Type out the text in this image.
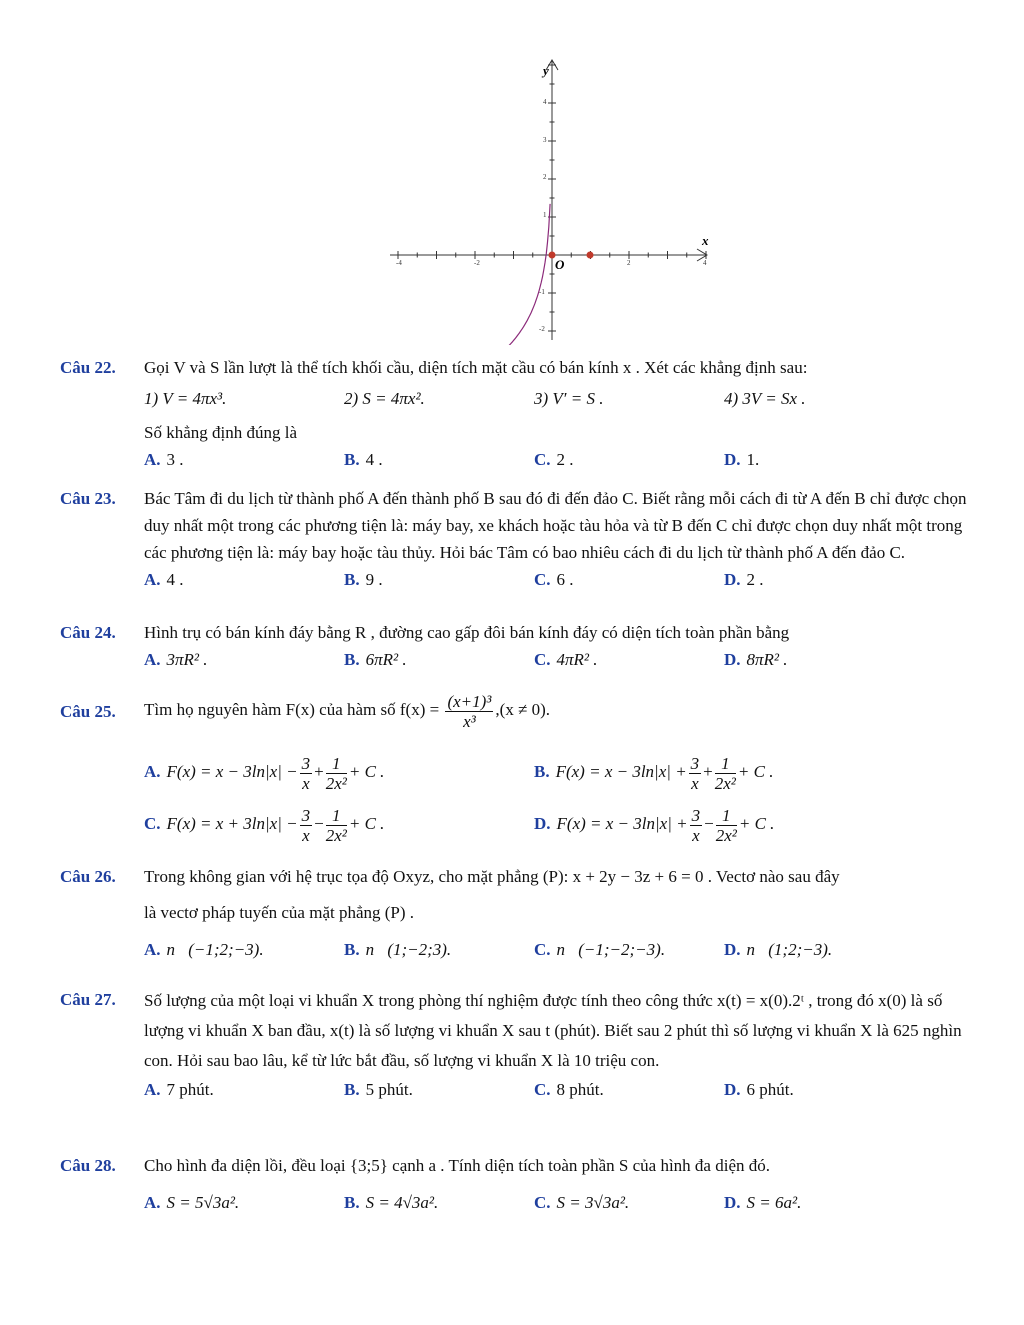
4
3
2
1
-1
-2
-4	-2	2	4
y
x
O
Câu 22. Gọi V và S lần lượt là thể tích khối cầu, diện tích mặt cầu có bán kính x . Xét các khẳng định sau:
1) V = 4πx³.	2) S = 4πx².	3) V′ = S .	4) 3V = Sx .
Số khẳng định đúng là
A. 3 .	B. 4 .	C. 2 .	D. 1.
Câu 23. Bác Tâm đi du lịch từ thành phố A đến thành phố B sau đó đi đến đảo C. Biết rằng mỗi cách đi từ A đến B chỉ được chọn duy nhất một trong các phương tiện là: máy bay, xe khách hoặc tàu hỏa và từ B đến C chỉ được chọn duy nhất một trong các phương tiện là: máy bay hoặc tàu thủy. Hỏi bác Tâm có bao nhiêu cách đi du lịch từ thành phố A đến đảo C.
A. 4 .	B. 9 .	C. 6 .	D. 2 .
Câu 24. Hình trụ có bán kính đáy bằng R , đường cao gấp đôi bán kính đáy có diện tích toàn phần bằng
A. 3πR² .	B. 6πR² .	C. 4πR² .	D. 8πR² .
Câu 25. Tìm họ nguyên hàm F(x) của hàm số $f(x) = \frac{\text{(x+1)³}}{\text{x³}} ,(x \ne 0)$.
A. $F(x) = x - 3\ln|x| - \frac{3}{x} + \frac{1}{\text{2x²}} + C$ .	B. $F(x) = x - 3\ln|x| + \frac{3}{x} + \frac{1}{\text{2x²}} + C$ .
C. $F(x) = x + 3\ln|x| - \frac{3}{x} - \frac{1}{\text{2x²}} + C$ .	D. $F(x) = x - 3\ln|x| + \frac{3}{x} - \frac{1}{\text{2x²}} + C$ .
Câu 26. Trong không gian với hệ trục tọa độ Oxyz, cho mặt phẳng (P): x + 2y − 3z + 6 = 0 . Vectơ nào sau đây
là vectơ pháp tuyến của mặt phẳng (P) .
A. n⃗(−1;2;−3).	B. n⃗(1;−2;3).	C. n⃗(−1;−2;−3).	D. n⃗(1;2;−3).
Câu 27. Số lượng của một loại vi khuẩn X trong phòng thí nghiệm được tính theo công thức x(t) = x(0).2ᵗ , trong đó x(0) là số lượng vi khuẩn X ban đầu, x(t) là số lượng vi khuẩn X sau t (phút). Biết sau 2 phút thì số lượng vi khuẩn X là 625 nghìn con. Hỏi sau bao lâu, kể từ lức bắt đầu, số lượng vi khuẩn X là 10 triệu con.
A. 7 phút.	B. 5 phút.	C. 8 phút.	D. 6 phút.
Câu 28. Cho hình đa diện lồi, đều loại {3;5} cạnh a . Tính diện tích toàn phần S của hình đa diện đó.
A. S = 5√3a².	B. S = 4√3a².	C. S = 3√3a².	D. S = 6a².
